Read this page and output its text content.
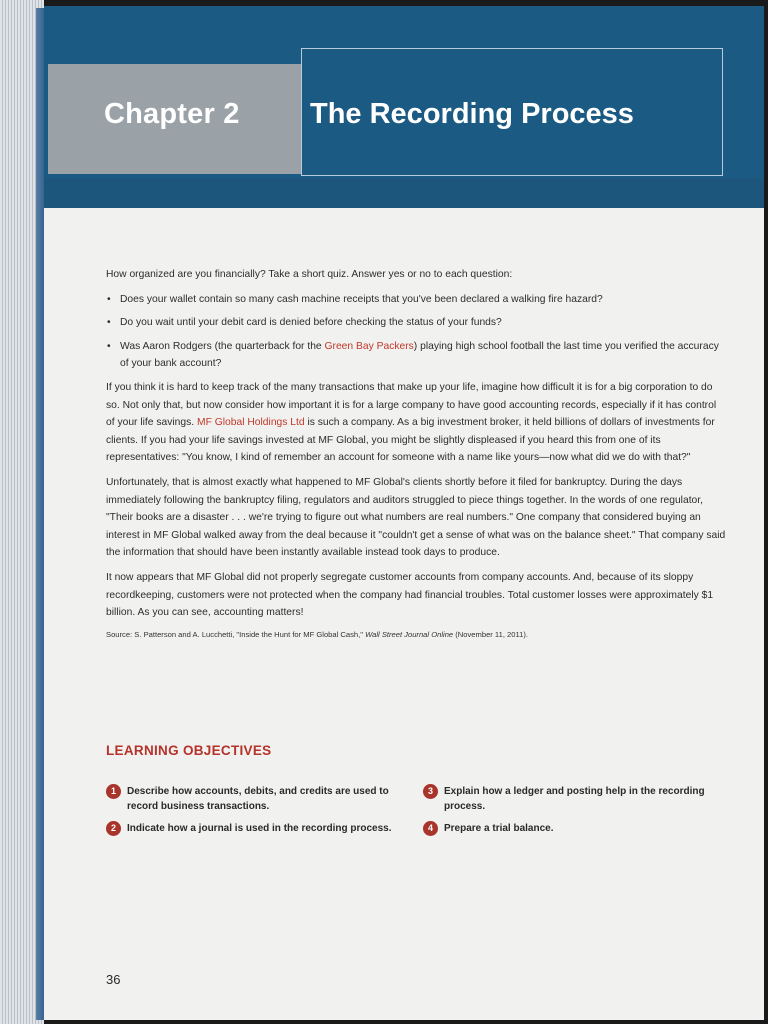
Chapter 2 The Recording Process

How organized are you financially? Take a short quiz. Answer yes or no to each question:

• Does your wallet contain so many cash machine receipts that you've been declared a walking fire hazard?
• Do you wait until your debit card is denied before checking the status of your funds?
• Was Aaron Rodgers (the quarterback for the Green Bay Packers) playing high school football the last time you verified the accuracy of your bank account?

If you think it is hard to keep track of the many transactions that make up your life, imagine how difficult it is for a big corporation to do so. Not only that, but now consider how important it is for a large company to have good accounting records, especially if it has control of your life savings. MF Global Holdings Ltd is such a company. As a big investment broker, it held billions of dollars of investments for clients. If you had your life savings invested at MF Global, you might be slightly displeased if you heard this from one of its representatives: "You know, I kind of remember an account for someone with a name like yours—now what did we do with that?"

Unfortunately, that is almost exactly what happened to MF Global's clients shortly before it filed for bankruptcy. During the days immediately following the bankruptcy filing, regulators and auditors struggled to piece things together. In the words of one regulator, "Their books are a disaster . . . we're trying to figure out what numbers are real numbers." One company that considered buying an interest in MF Global walked away from the deal because it "couldn't get a sense of what was on the balance sheet." That company said the information that should have been instantly available instead took days to produce.

It now appears that MF Global did not properly segregate customer accounts from company accounts. And, because of its sloppy recordkeeping, customers were not protected when the company had financial troubles. Total customer losses were approximately $1 billion. As you can see, accounting matters!

Source: S. Patterson and A. Lucchetti, "Inside the Hunt for MF Global Cash," Wall Street Journal Online (November 11, 2011).
LEARNING OBJECTIVES
1	Describe how accounts, debits, and credits are used to record business transactions.
2	Indicate how a journal is used in the recording process.
3	Explain how a ledger and posting help in the recording process.
4	Prepare a trial balance.
36
